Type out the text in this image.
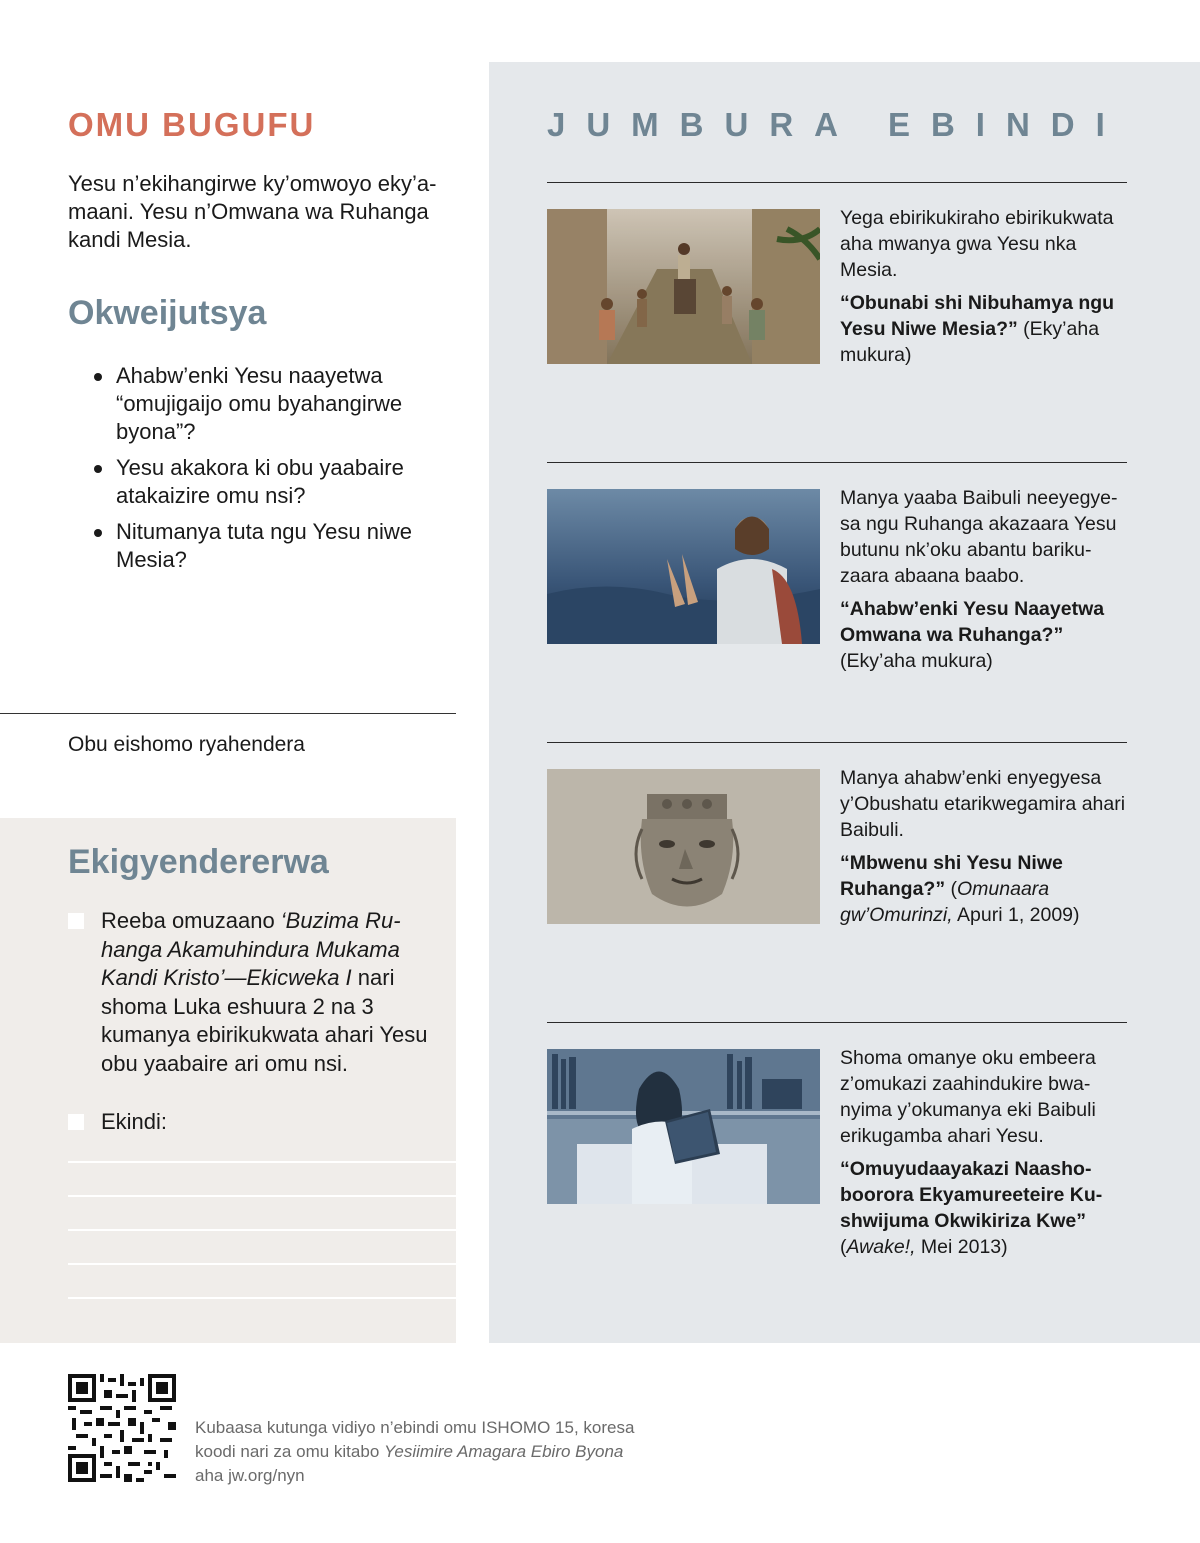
OMU BUGUFU

Yesu n’ekihangirwe ky’omwoyo eky’amaani. Yesu n’Omwana wa Ruhanga kandi Mesia.

Okweijutsya
Ahabw’enki Yesu naayetwa “omujigaijo omu byahangirwe byona”?
Yesu akakora ki obu yaabaire atakaizire omu nsi?
Nitumanya tuta ngu Yesu niwe Mesia?

Obu eishomo ryahendera

Ekigyendererwa
Reeba omuzaano ‘Buzima Ruhanga Akamuhindura Mukama Kandi Kristo’—Ekicweka I nari shoma Luka eshuura 2 na 3 kumanya ebirikukwata ahari Yesu obu yaabaire ari omu nsi.
Ekindi:
JUMBURA EBINDI

Yega ebirikukiraho ebirikukwata aha mwanya gwa Yesu nka Mesia.

“Obunabi shi Nibuhamya ngu Yesu Niwe Mesia?” (Eky’aha mukura)

Manya yaaba Baibuli neeyegyesa ngu Ruhanga akazaara Yesu butunu nk’oku abantu barikuzaara abaana baabo.

“Ahabw’enki Yesu Naayetwa Omwana wa Ruhanga?”
(Eky’aha mukura)

Manya ahabw’enki enyegyesa y’Obushatu etarikwegamira ahari Baibuli.

“Mbwenu shi Yesu Niwe Ruhanga?” (Omunaara gw’Omurinzi, Apuri 1, 2009)

Shoma omanye oku embeera z’omukazi zaahindukire bwanyima y’okumanya eki Baibuli erikugamba ahari Yesu.

“Omuyudaayakazi Naashoboorora Ekyamureeteire Kushwijuma Okwikiriza Kwe”
(Awake!, Mei 2013)

Kubaasa kutunga vidiyo n’ebindi omu ISHOMO 15, koresa koodi nari za omu kitabo Yesiimire Amagara Ebiro Byona aha jw.org/nyn
